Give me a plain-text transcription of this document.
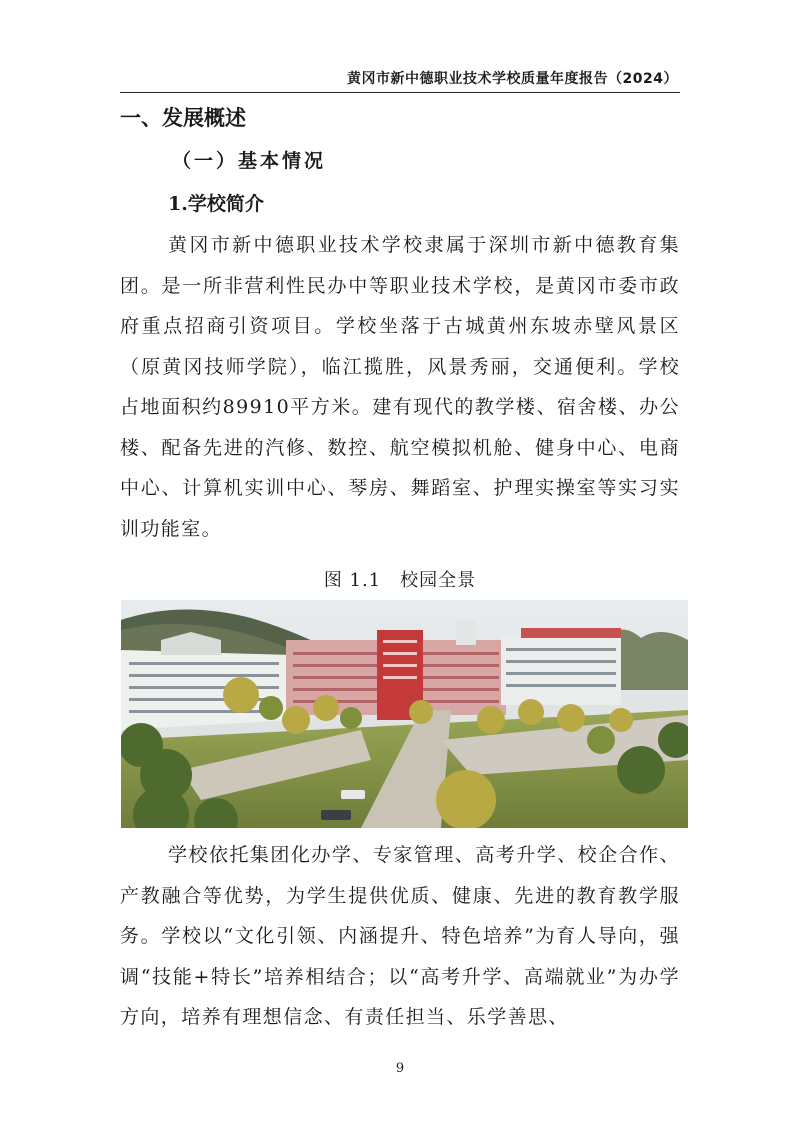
黄冈市新中德职业技术学校质量年度报告（2024）
一、发展概述
（一）基本情况
1.学校简介

黄冈市新中德职业技术学校隶属于深圳市新中德教育集团。是一所非营利性民办中等职业技术学校，是黄冈市委市政府重点招商引资项目。学校坐落于古城黄州东坡赤壁风景区（原黄冈技师学院），临江揽胜，风景秀丽，交通便利。学校占地面积约89910平方米。建有现代的教学楼、宿舍楼、办公楼、配备先进的汽修、数控、航空模拟机舱、健身中心、电商中心、计算机实训中心、琴房、舞蹈室、护理实操室等实习实训功能室。

图 1.1　校园全景

学校依托集团化办学、专家管理、高考升学、校企合作、产教融合等优势，为学生提供优质、健康、先进的教育教学服务。学校以“文化引领、内涵提升、特色培养”为育人导向，强调“技能+特长”培养相结合；以“高考升学、高端就业”为办学方向，培养有理想信念、有责任担当、乐学善思、

9
